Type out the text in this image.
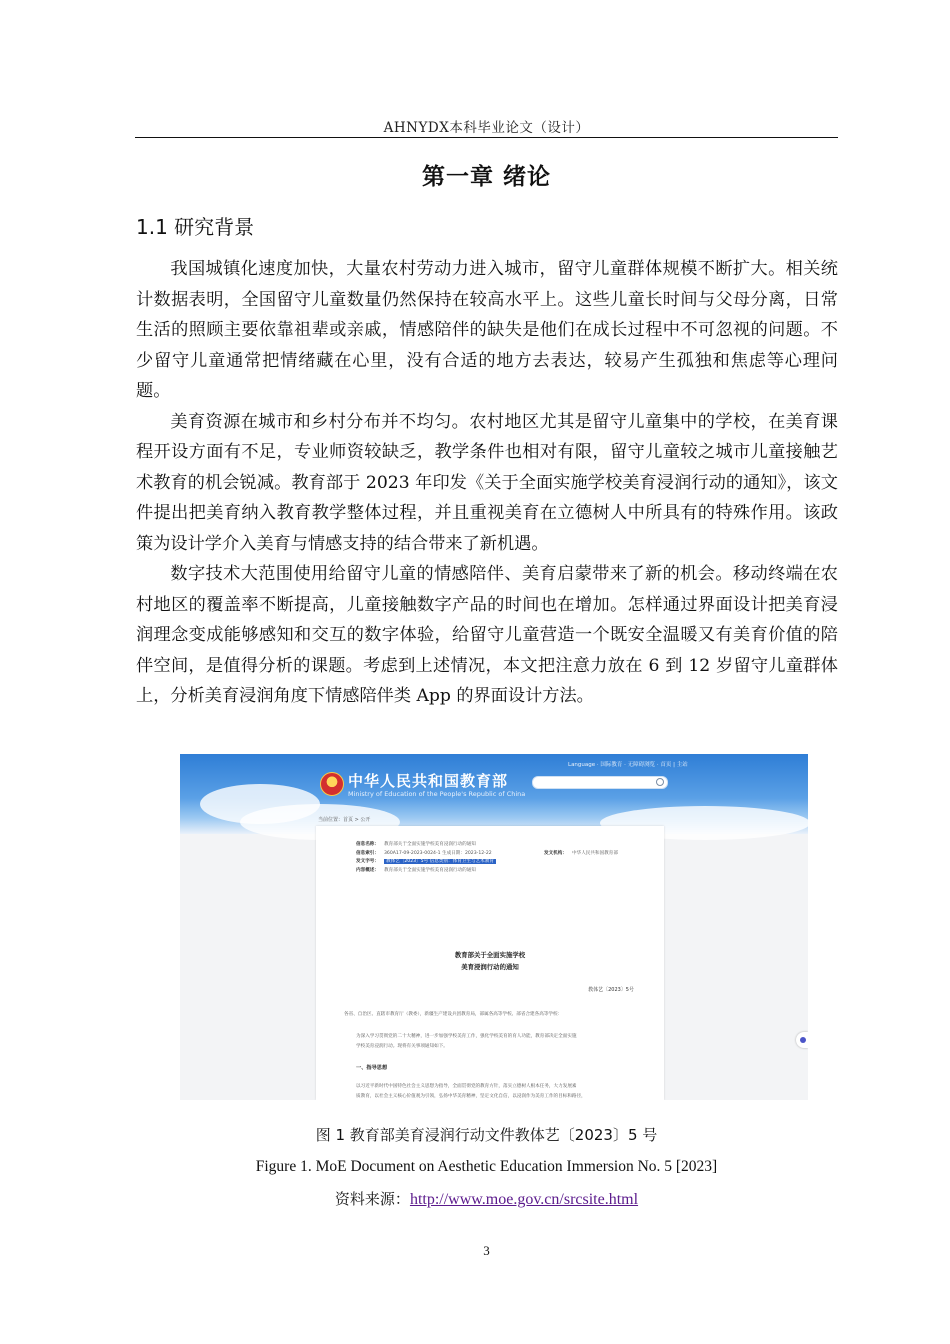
AHNYDX本科毕业论文（设计）
第一章 绪论
1.1 研究背景

我国城镇化速度加快，大量农村劳动力进入城市，留守儿童群体规模不断扩大。相关统计数据表明，全国留守儿童数量仍然保持在较高水平上。这些儿童长时间与父母分离，日常生活的照顾主要依靠祖辈或亲戚，情感陪伴的缺失是他们在成长过程中不可忽视的问题。不少留守儿童通常把情绪藏在心里，没有合适的地方去表达，较易产生孤独和焦虑等心理问题。

美育资源在城市和乡村分布并不均匀。农村地区尤其是留守儿童集中的学校，在美育课程开设方面有不足，专业师资较缺乏，教学条件也相对有限，留守儿童较之城市儿童接触艺术教育的机会锐减。教育部于 2023 年印发《关于全面实施学校美育浸润行动的通知》，该文件提出把美育纳入教育教学整体过程，并且重视美育在立德树人中所具有的特殊作用。该政策为设计学介入美育与情感支持的结合带来了新机遇。

数字技术大范围使用给留守儿童的情感陪伴、美育启蒙带来了新的机会。移动终端在农村地区的覆盖率不断提高，儿童接触数字产品的时间也在增加。怎样通过界面设计把美育浸润理念变成能够感知和交互的数字体验，给留守儿童营造一个既安全温暖又有美育价值的陪伴空间，是值得分析的课题。考虑到上述情况，本文把注意力放在 6 到 12 岁留守儿童群体上，分析美育浸润角度下情感陪伴类 App 的界面设计方法。

中华人民共和国教育部
Ministry of Education of the People's Republic of China
Language · 国际教育 · 无障碍浏览 · 首页 | 主站
当前位置：首页 > 公开
信息名称：	教育部关于全面实施学校美育浸润行动的通知
信息索引：	360A17-09-2023-0024-1 生成日期：2023-12-22	发文机构：	中华人民共和国教育部
发文字号：	教体艺〔2023〕5号 信息类别：体育卫生与艺术教育
内容概述：	教育部关于全面实施学校美育浸润行动的通知
教育部关于全面实施学校
美育浸润行动的通知
教体艺〔2023〕5号
各省、自治区、直辖市教育厅（教委），新疆生产建设兵团教育局，部属各高等学校、部省合建各高等学校：
为深入学习贯彻党的二十大精神，进一步加强学校美育工作，强化学校美育的育人功能，教育部决定全面实施
学校美育浸润行动。现将有关事项通知如下。
一、指导思想
以习近平新时代中国特色社会主义思想为指导，全面贯彻党的教育方针，落实立德树人根本任务，大力发展素
质教育，以社会主义核心价值观为引领，弘扬中华美育精神，坚定文化自信，以浸润作为美育工作的目标和路径，
图 1 教育部美育浸润行动文件教体艺〔2023〕5 号
Figure 1. MoE Document on Aesthetic Education Immersion No. 5 [2023]
资料来源：http://www.moe.gov.cn/srcsite.html
3
